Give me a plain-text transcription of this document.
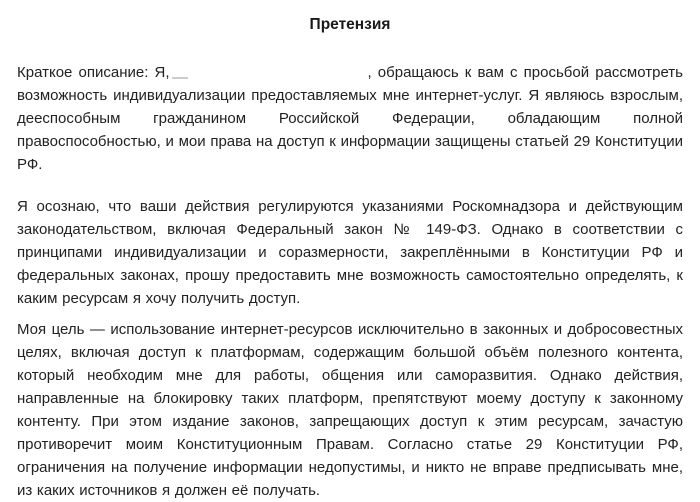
Претензия

Краткое описание: Я,	, обращаюсь к вам с просьбой рассмотреть возможность индивидуализации предоставляемых мне интернет-услуг. Я являюсь взрослым, дееспособным гражданином Российской Федерации, обладающим полной правоспособностью, и мои права на доступ к информации защищены статьей 29 Конституции РФ.

Я осознаю, что ваши действия регулируются указаниями Роскомнадзора и действующим законодательством, включая Федеральный закон № 149-ФЗ. Однако в соответствии с принципами индивидуализации и соразмерности, закреплёнными в Конституции РФ и федеральных законах, прошу предоставить мне возможность самостоятельно определять, к каким ресурсам я хочу получить доступ.

Моя цель — использование интернет-ресурсов исключительно в законных и добросовестных целях, включая доступ к платформам, содержащим большой объём полезного контента, который необходим мне для работы, общения или саморазвития. Однако действия, направленные на блокировку таких платформ, препятствуют моему доступу к законному контенту. При этом издание законов, запрещающих доступ к этим ресурсам, зачастую противоречит моим Конституционным Правам. Согласно статье 29 Конституции РФ, ограничения на получение информации недопустимы, и никто не вправе предписывать мне, из каких источников я должен её получать.
